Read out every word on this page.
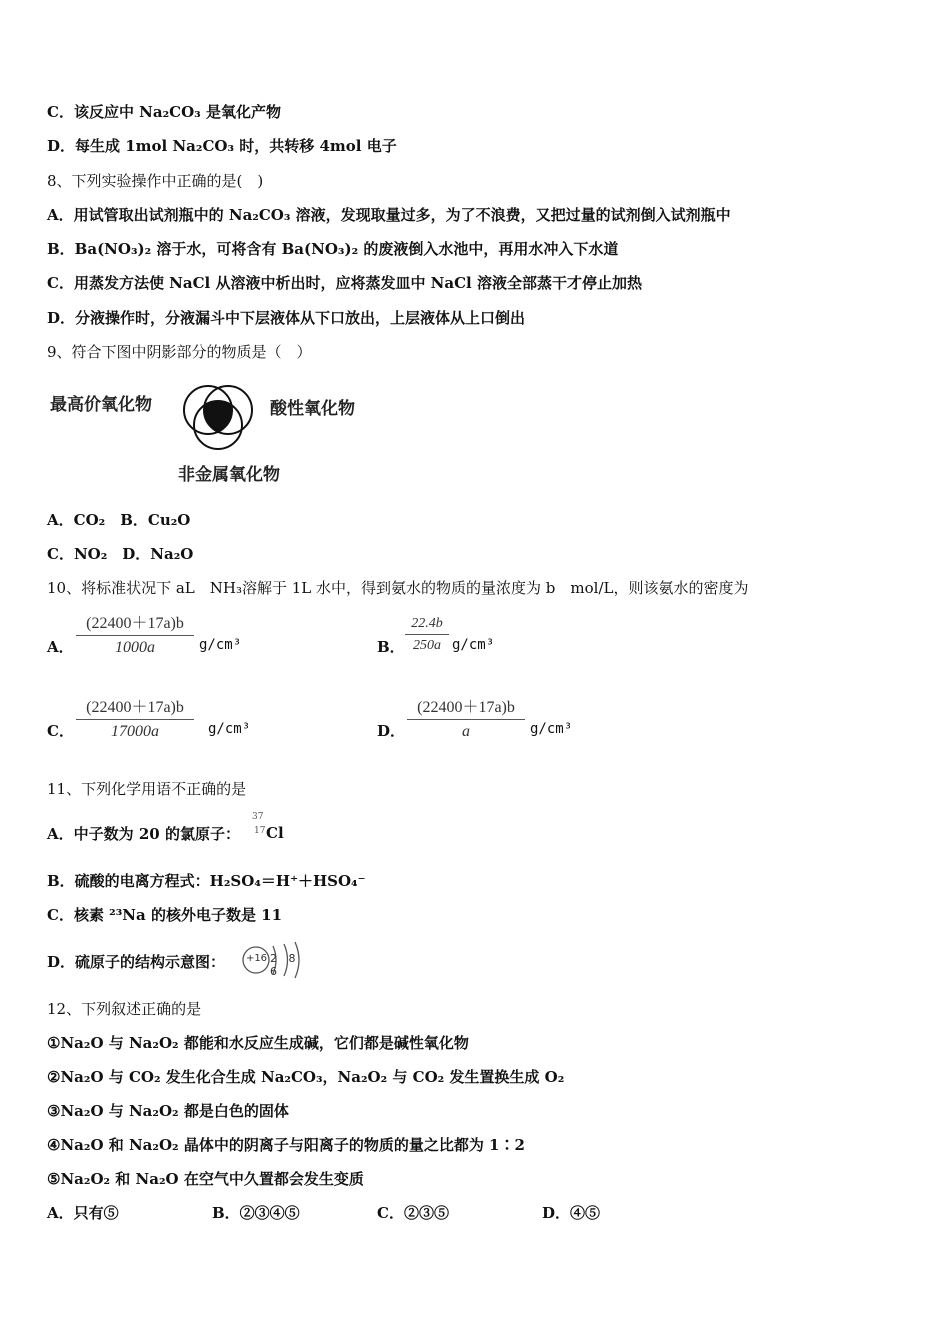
C．该反应中 Na₂CO₃ 是氧化产物
D．每生成 1mol Na₂CO₃ 时，共转移 4mol 电子
8、下列实验操作中正确的是(　)
A．用试管取出试剂瓶中的 Na₂CO₃ 溶液，发现取量过多，为了不浪费，又把过量的试剂倒入试剂瓶中
B．Ba(NO₃)₂ 溶于水，可将含有 Ba(NO₃)₂ 的废液倒入水池中，再用水冲入下水道
C．用蒸发方法使 NaCl 从溶液中析出时，应将蒸发皿中 NaCl 溶液全部蒸干才停止加热
D．分液操作时，分液漏斗中下层液体从下口放出，上层液体从上口倒出
9、符合下图中阴影部分的物质是（　）
最高价氧化物	酸性氧化物
非金属氧化物
A．CO₂　B．Cu₂O
C．NO₂　D．Na₂O
10、将标准状况下 aL　NH₃溶解于 1L 水中，得到氨水的物质的量浓度为 b　mol/L，则该氨水的密度为
A． $\frac{(22400+17a)b}{1000a} g/cm^3$	B． $\frac{22.4b}{250a} g/cm^3$
C． $\frac{(22400+17a)b}{17000a} g/cm^3$	D． $\frac{(22400+17a)b}{a} g/cm^3$
11、下列化学用语不正确的是
A．中子数为 20 的氯原子：
37
17 Cl
B．硫酸的电离方程式：H₂SO₄＝H⁺＋HSO₄⁻
C．核素 ²³Na 的核外电子数是 11
D．硫原子的结构示意图： +16 2 8 6
12、下列叙述正确的是
①Na₂O 与 Na₂O₂ 都能和水反应生成碱，它们都是碱性氧化物
②Na₂O 与 CO₂ 发生化合生成 Na₂CO₃，Na₂O₂ 与 CO₂ 发生置换生成 O₂
③Na₂O 与 Na₂O₂ 都是白色的固体
④Na₂O 和 Na₂O₂ 晶体中的阴离子与阳离子的物质的量之比都为 1∶2
⑤Na₂O₂ 和 Na₂O 在空气中久置都会发生变质
A．只有⑤	B．②③④⑤	C．②③⑤	D．④⑤
